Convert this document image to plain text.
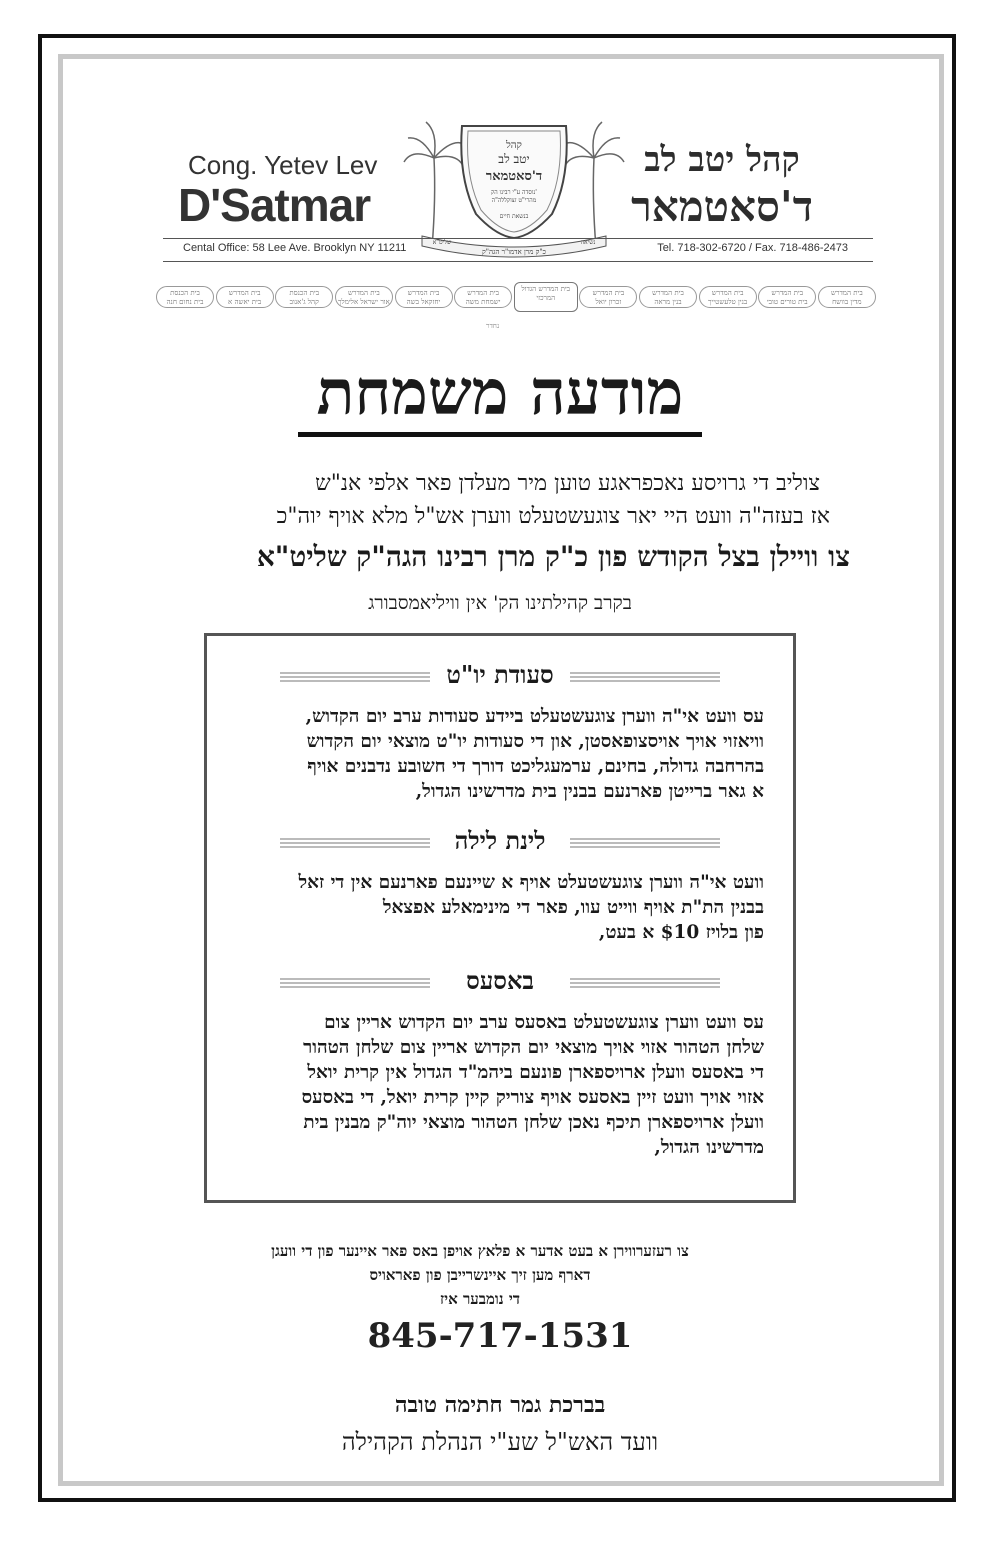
Cong. Yetev Lev
D'Satmar
קהל יטב לב
ד'סאטמאר
קהל
יטב לב
ד'סאטמאר
נוסדה ע"י רבינו הק'
מהרי"ט זצוקללה"ה
בנשאת חיים
כ"ק מרן אדמו"ר הגה"ק
שליט"א	נשיאה
Cental Office: 58 Lee Ave. Brooklyn NY 11211	Tel. 718-302-6720 / Fax. 718-486-2473
בית הכנסת
בית נחום חנה
בית המדרש
בית יאשה א
בית הכנסת
קהל ג'אנוב
בית המדרש
אור ישראל אלימלך
בית המדרש
יחזקאל בשה
בית המדרש
ישמחת משה
בית המדרש הגדול
המרכזי
בית המדרש
זכרון יואל
בית המדרש
בנין מראה
בית המדרש
בנין טלעשטייך
בית המדרש
בית טורים טובי
בית המדרש
מדין בוושח
נחדר
מודעה משמחת
צוליב די גרויסע נאכפראגע טוען מיר מעלדן פאר אלפי אנ"ש
אז בעזה"ה וועט היי יאר צוגעשטעלט ווערן אש"ל מלא אויף יוה"כ
צו ווײלן בצל הקודש פון כ"ק מרן רבינו הגה"ק שליט"א
בקרב קהילתינו הק' אין וויליאמסבורג
סעודת יו"ט
עס וועט אי"ה ווערן צוגעשטעלט ביידע סעודות ערב יום הקדוש,
וויאזוי אויך אויסצופאסטן, און די סעודות יו"ט מוצאי יום הקדוש
בהרחבה גדולה, בחינם, ערמעגליכט דורך די חשובע נדבנים אויף
א גאר ברייטן פארנעם בבנין בית מדרשינו הגדול,
לינת לילה
וועט אי"ה ווערן צוגעשטעלט אויף א שיינעם פארנעם אין די זאל
בבנין הת"ת אויף ווייט עוו, פאר די מינימאלע אפצאל
פון בלויז $10 א בעט,
באסעס
עס וועט ווערן צוגעשטעלט באסעס ערב יום הקדוש אריין צום
שלחן הטהור אזוי אויך מוצאי יום הקדוש אריין צום שלחן הטהור
די באסעס וועלן ארויספארן פונעם ביהמ"ד הגדול אין קרית יואל
אזוי אויך וועט זיין באסעס אויף צוריק קיין קרית יואל, די באסעס
וועלן ארויספארן תיכף נאכן שלחן הטהור מוצאי יוה"ק מבנין בית
מדרשינו הגדול,
צו רעזערווירן א בעט אדער א פלאץ אויפן באס פאר איינער פון די וועגן
דארף מען זיך איינשרייבן פון פאראויס
די נומבער איז
845-717-1531
בברכת גמר חתימה טובה
וועד האש"ל שע"י הנהלת הקהילה
